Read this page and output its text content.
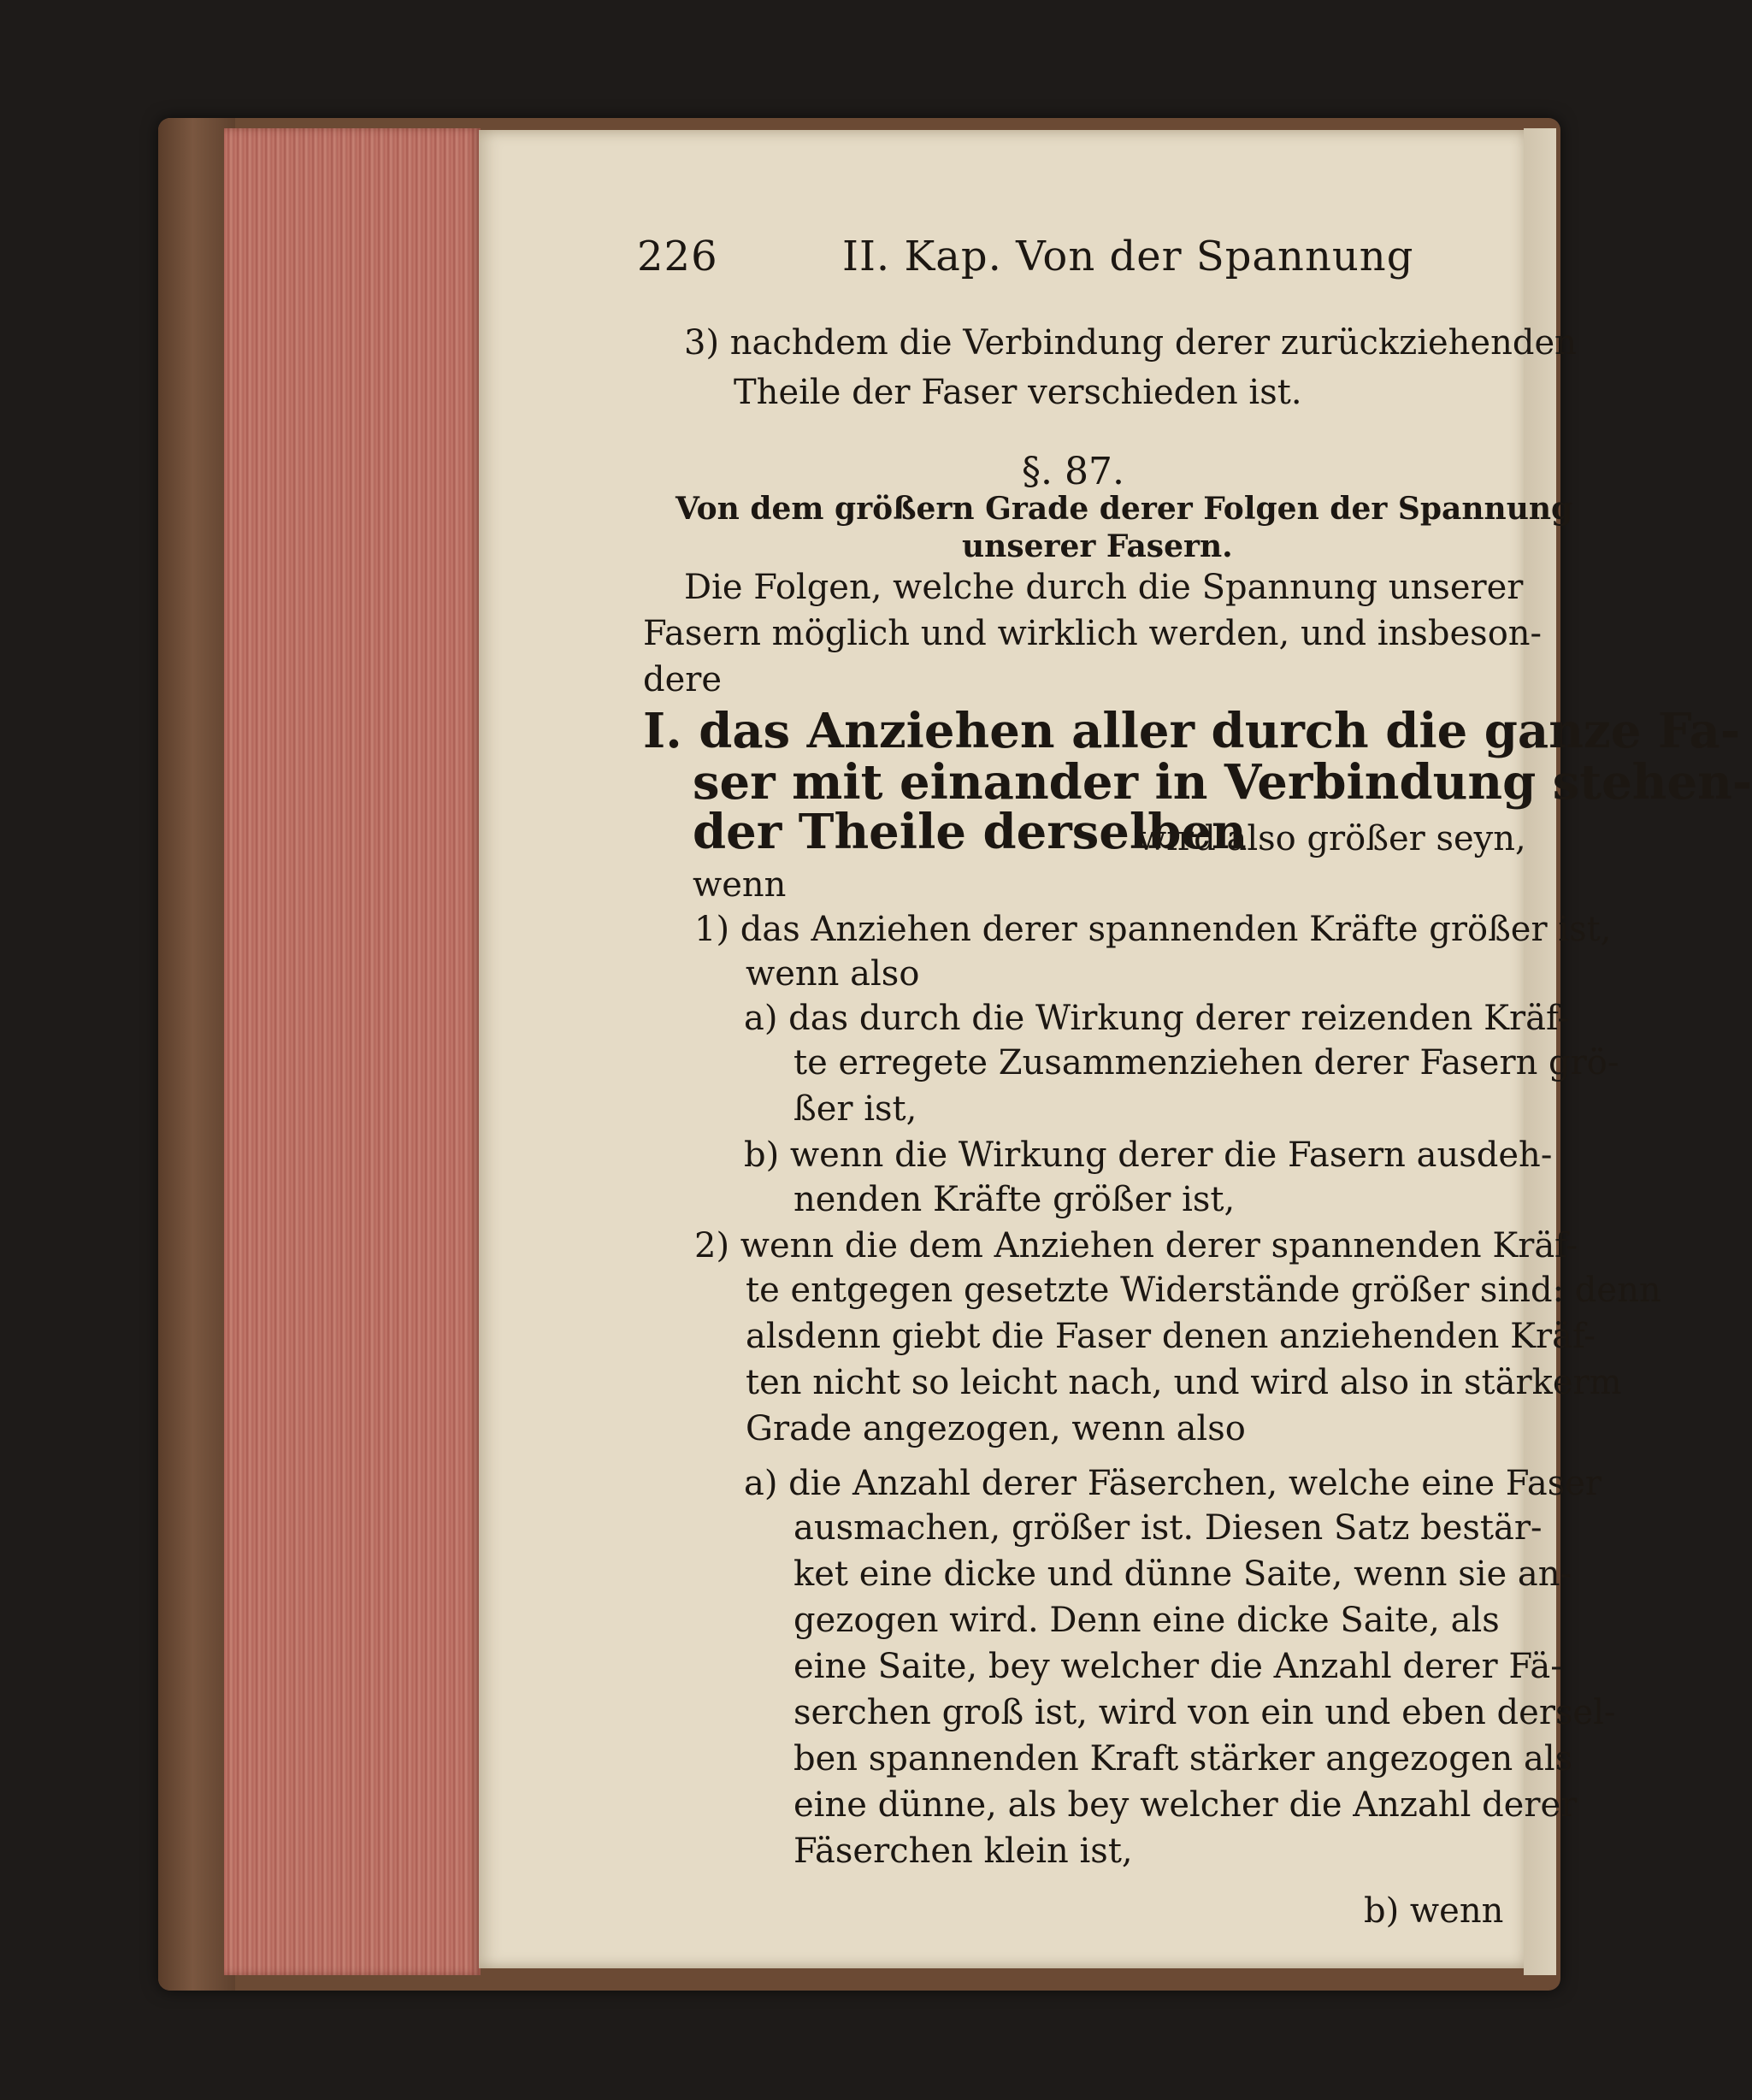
226	II. Kap. Von der Spannung
3) nachdem die Verbindung derer zurückziehenden
Theile der Faser verschieden ist.
§. 87.
Von dem größern Grade derer Folgen der Spannung
unserer Fasern.
Die Folgen, welche durch die Spannung unserer
Fasern möglich und wirklich werden, und insbeson-
dere
I. das Anziehen aller durch die ganze Fa-
ser mit einander in Verbindung stehen-
der Theile derselben
wird also größer seyn,
wenn
1) das Anziehen derer spannenden Kräfte größer ist,
wenn also
a) das durch die Wirkung derer reizenden Kräf-
te erregete Zusammenziehen derer Fasern grö-
ßer ist,
b) wenn die Wirkung derer die Fasern ausdeh-
nenden Kräfte größer ist,
2) wenn die dem Anziehen derer spannenden Kräf-
te entgegen gesetzte Widerstände größer sind: denn
alsdenn giebt die Faser denen anziehenden Kräf-
ten nicht so leicht nach, und wird also in stärkerm
Grade angezogen, wenn also
a) die Anzahl derer Fäserchen, welche eine Faser
ausmachen, größer ist. Diesen Satz bestär-
ket eine dicke und dünne Saite, wenn sie an-
gezogen wird. Denn eine dicke Saite, als
eine Saite, bey welcher die Anzahl derer Fä-
serchen groß ist, wird von ein und eben dersel-
ben spannenden Kraft stärker angezogen als
eine dünne, als bey welcher die Anzahl derer
Fäserchen klein ist,
b) wenn
